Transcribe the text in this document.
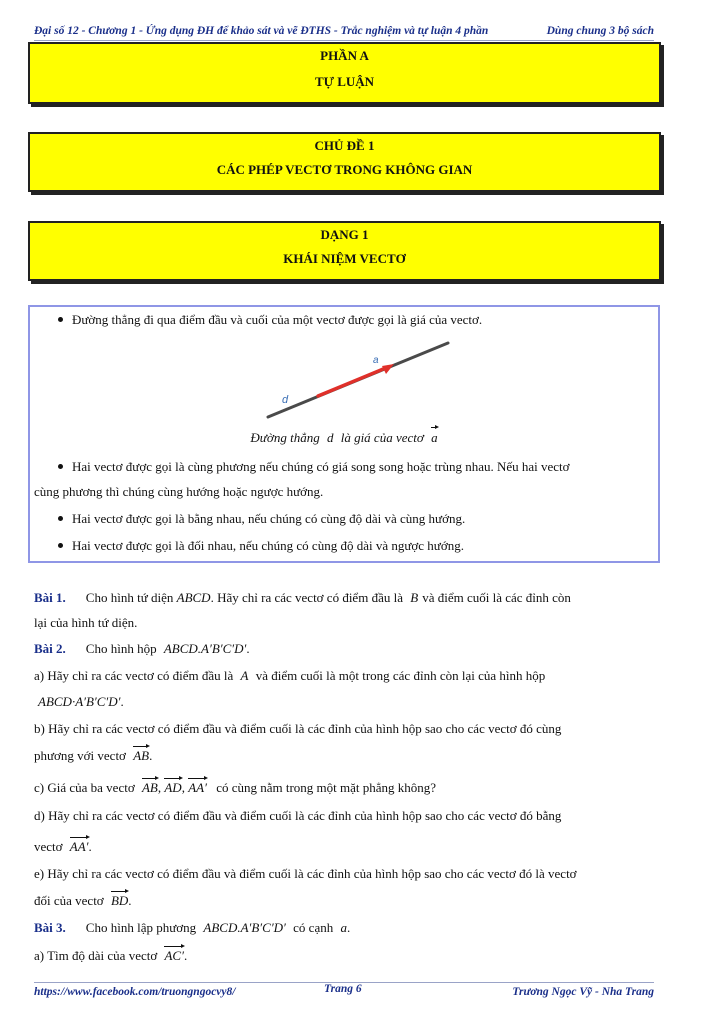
Đại số 12 - Chương 1 - Ứng dụng ĐH để khảo sát và vẽ ĐTHS - Trắc nghiệm và tự luận 4 phần	Dùng chung 3 bộ sách
PHẦN A
TỰ LUẬN
CHỦ ĐỀ 1
CÁC PHÉP VECTƠ TRONG KHÔNG GIAN
DẠNG 1
KHÁI NIỆM VECTƠ
Đường thẳng đi qua điểm đầu và cuối của một vectơ được gọi là giá của vectơ.
d
a
Đường thẳng d là giá của vectơ a
Hai vectơ được gọi là cùng phương nếu chúng có giá song song hoặc trùng nhau. Nếu hai vectơ
cùng phương thì chúng cùng hướng hoặc ngược hướng.
Hai vectơ được gọi là bằng nhau, nếu chúng có cùng độ dài và cùng hướng.
Hai vectơ được gọi là đối nhau, nếu chúng có cùng độ dài và ngược hướng.
Bài 1. Cho hình tứ diện ABCD. Hãy chỉ ra các vectơ có điểm đầu là B và điểm cuối là các đỉnh còn
lại của hình tứ diện.
Bài 2. Cho hình hộp ABCD.A′B′C′D′.
a) Hãy chỉ ra các vectơ có điểm đầu là A và điểm cuối là một trong các đỉnh còn lại của hình hộp
ABCD·A′B′C′D′.
b) Hãy chỉ ra các vectơ có điểm đầu và điểm cuối là các đỉnh của hình hộp sao cho các vectơ đó cùng
phương với vectơ AB.
c) Giá của ba vectơ AB, AD, AA′ có cùng nằm trong một mặt phẳng không?
d) Hãy chỉ ra các vectơ có điểm đầu và điểm cuối là các đỉnh của hình hộp sao cho các vectơ đó bằng
vectơ AA′.
e) Hãy chỉ ra các vectơ có điểm đầu và điểm cuối là các đỉnh của hình hộp sao cho các vectơ đó là vectơ
đối của vectơ BD.
Bài 3. Cho hình lập phương ABCD.A′B′C′D′ có cạnh a.
a) Tìm độ dài của vectơ AC′.
https://www.facebook.com/truongngocvy8/	Trang 6	Trương Ngọc Vỹ - Nha Trang
